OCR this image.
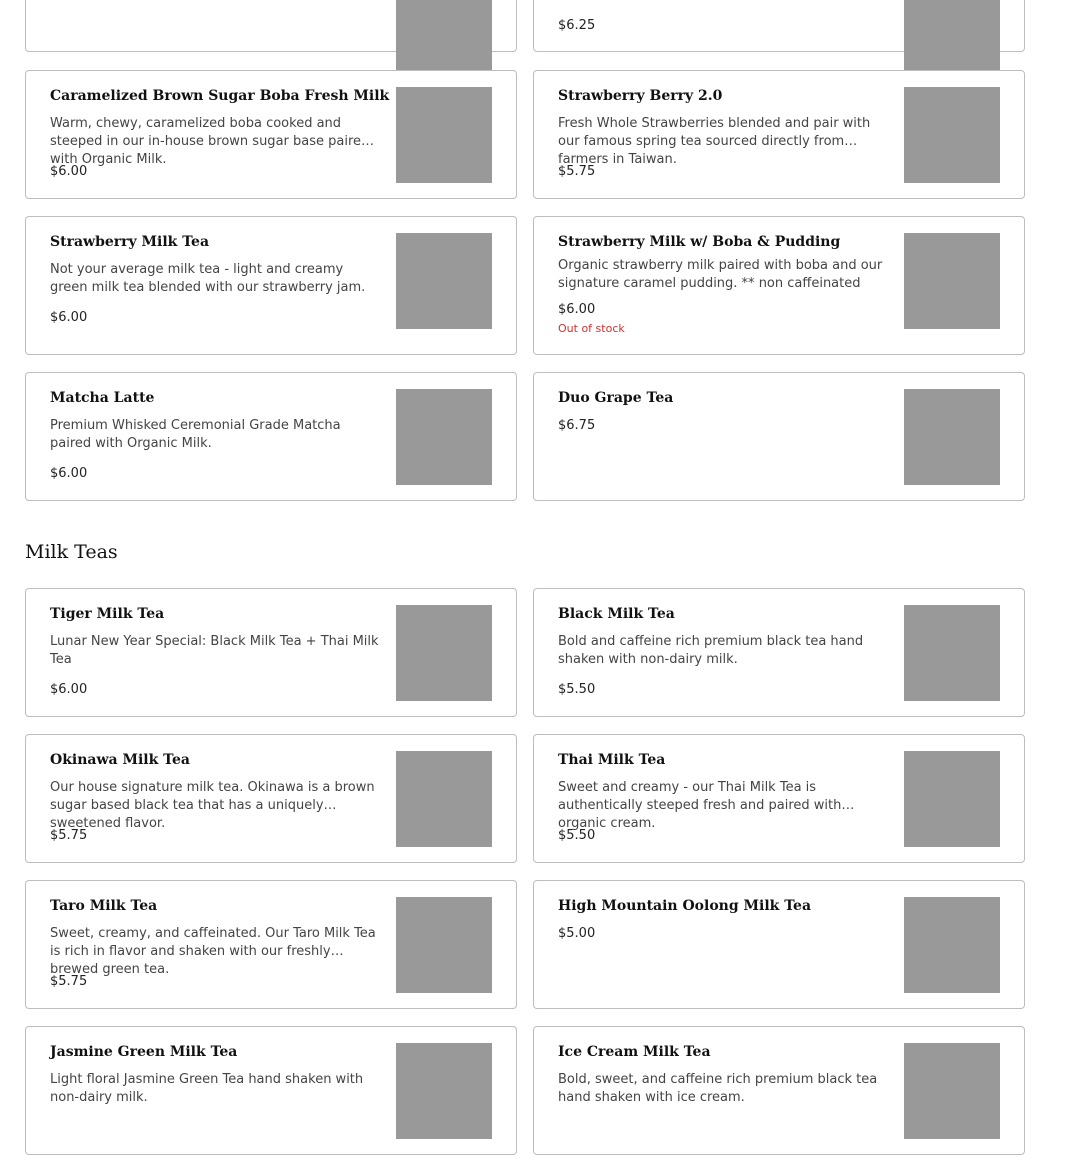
$6.25

Caramelized Brown Sugar Boba Fresh Milk

Warm, chewy, caramelized boba cooked and steeped in our in-house brown sugar base paired with Organic Milk.

$6.00

Strawberry Berry 2.0

Fresh Whole Strawberries blended and pair with our famous spring tea sourced directly from farmers in Taiwan.

$5.75

Strawberry Milk Tea

Not your average milk tea - light and creamy green milk tea blended with our strawberry jam.

$6.00

Strawberry Milk w/ Boba & Pudding

Organic strawberry milk paired with boba and our signature caramel pudding. ** non caffeinated

$6.00

Out of stock

Matcha Latte

Premium Whisked Ceremonial Grade Matcha paired with Organic Milk.

$6.00

Duo Grape Tea

$6.75

Milk Teas

Tiger Milk Tea

Lunar New Year Special: Black Milk Tea + Thai Milk Tea

$6.00

Black Milk Tea

Bold and caffeine rich premium black tea hand shaken with non-dairy milk.

$5.50

Okinawa Milk Tea

Our house signature milk tea. Okinawa is a brown sugar based black tea that has a uniquely sweetened flavor.

$5.75

Thai Milk Tea

Sweet and creamy - our Thai Milk Tea is authentically steeped fresh and paired with organic cream.

$5.50

Taro Milk Tea

Sweet, creamy, and caffeinated. Our Taro Milk Tea is rich in flavor and shaken with our freshly brewed green tea.

$5.75

High Mountain Oolong Milk Tea

$5.00

Jasmine Green Milk Tea

Light floral Jasmine Green Tea hand shaken with non-dairy milk.

Ice Cream Milk Tea

Bold, sweet, and caffeine rich premium black tea hand shaken with ice cream.
